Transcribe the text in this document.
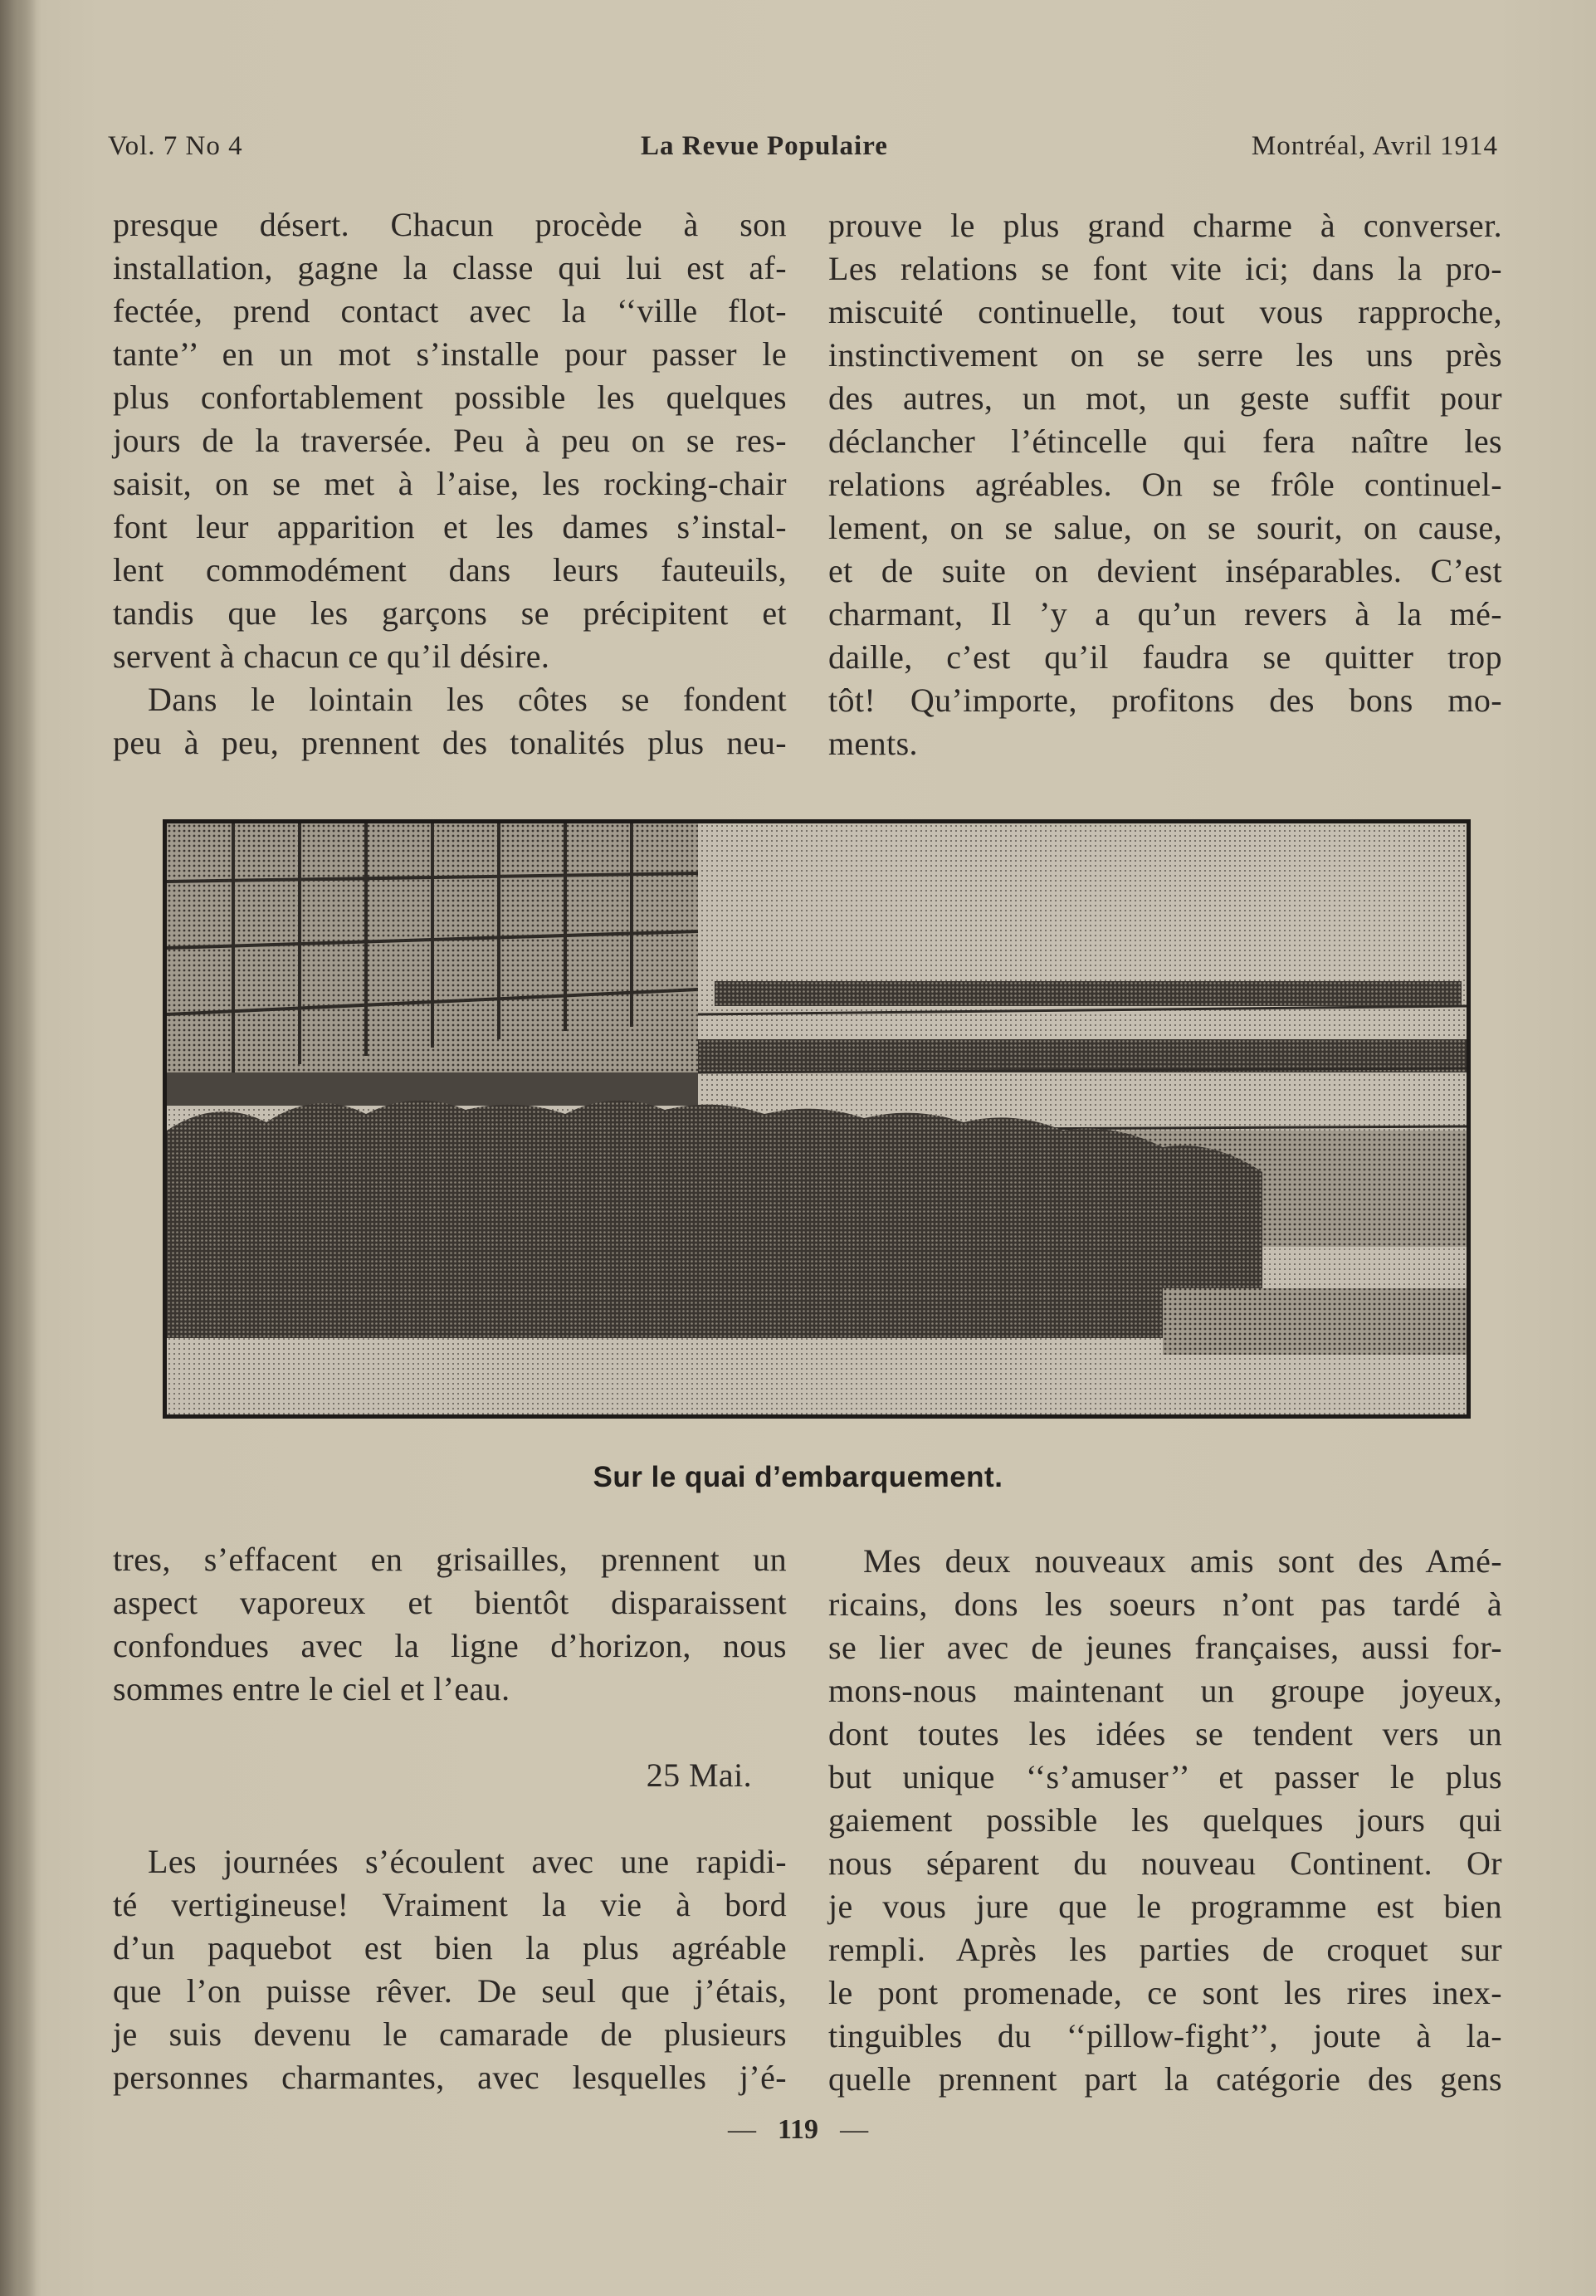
Vol. 7 No 4	La Revue Populaire	Montréal, Avril 1914

presque désert. Chacun procède à son
installation, gagne la classe qui lui est af-
fectée, prend contact avec la ‘‘ville flot-
tante’’ en un mot s’installe pour passer le
plus confortablement possible les quelques
jours de la traversée. Peu à peu on se res-
saisit, on se met à l’aise, les rocking-chair
font leur apparition et les dames s’instal-
lent commodément dans leurs fauteuils,
tandis que les garçons se précipitent et
servent à chacun ce qu’il désire.

Dans le lointain les côtes se fondent
peu à peu, prennent des tonalités plus neu-

prouve le plus grand charme à converser.
Les relations se font vite ici; dans la pro-
miscuité continuelle, tout vous rapproche,
instinctivement on se serre les uns près
des autres, un mot, un geste suffit pour
déclancher l’étincelle qui fera naître les
relations agréables. On se frôle continuel-
lement, on se salue, on se sourit, on cause,
et de suite on devient inséparables. C’est
charmant, Il ’y a qu’un revers à la mé-
daille, c’est qu’il faudra se quitter trop
tôt! Qu’importe, profitons des bons mo-
ments.

Sur le quai d’embarquement.

tres, s’effacent en grisailles, prennent un
aspect vaporeux et bientôt disparaissent
confondues avec la ligne d’horizon, nous
sommes entre le ciel et l’eau.

25 Mai.

Les journées s’écoulent avec une rapidi-
té vertigineuse! Vraiment la vie à bord
d’un paquebot est bien la plus agréable
que l’on puisse rêver. De seul que j’étais,
je suis devenu le camarade de plusieurs
personnes charmantes, avec lesquelles j’é-

Mes deux nouveaux amis sont des Amé-
ricains, dons les soeurs n’ont pas tardé à
se lier avec de jeunes françaises, aussi for-
mons-nous maintenant un groupe joyeux,
dont toutes les idées se tendent vers un
but unique ‘‘s’amuser’’ et passer le plus
gaiement possible les quelques jours qui
nous séparent du nouveau Continent. Or
je vous jure que le programme est bien
rempli. Après les parties de croquet sur
le pont promenade, ce sont les rires inex-
tinguibles du ‘‘pillow-fight’’, joute à la-
quelle prennent part la catégorie des gens

— 119 —
